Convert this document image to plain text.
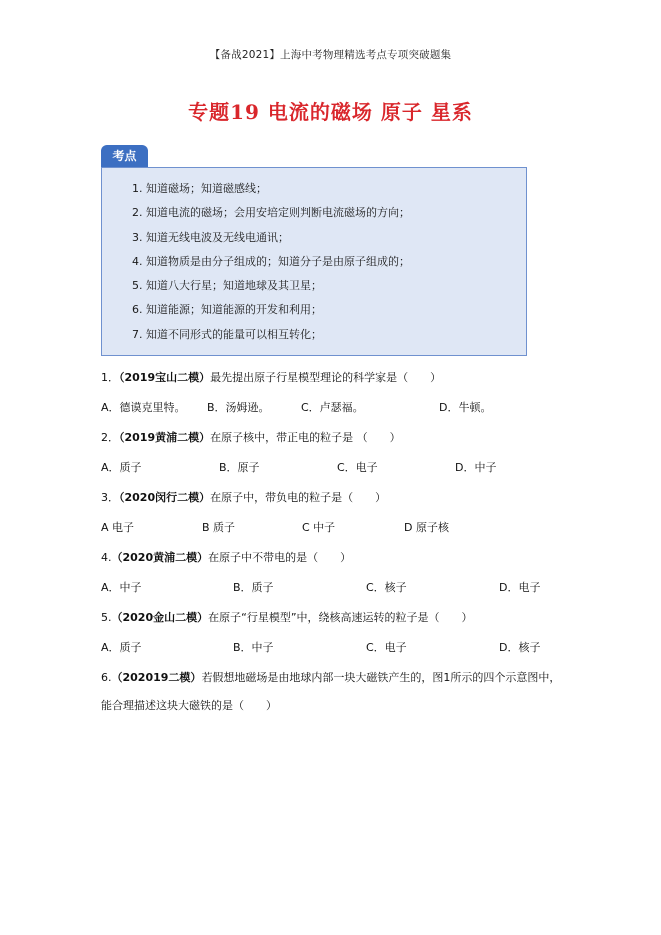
【备战2021】上海中考物理精选考点专项突破题集
专题19 电流的磁场 原子 星系
考点
1. 知道磁场；知道磁感线；
2. 知道电流的磁场；会用安培定则判断电流磁场的方向；
3. 知道无线电波及无线电通讯；
4. 知道物质是由分子组成的；知道分子是由原子组成的；
5. 知道八大行星；知道地球及其卫星；
6. 知道能源；知道能源的开发和利用；
7. 知道不同形式的能量可以相互转化；
1．（2019宝山二模）最先提出原子行星模型理论的科学家是（　　）
A．德谟克里特。 B．汤姆逊。	C．卢瑟福。	D．牛顿。
2．（2019黄浦二模）在原子核中，带正电的粒子是 （　　）
A．质子	B．原子	C．电子	D．中子
3．（2020闵行二模）在原子中，带负电的粒子是（　　）
A 电子	B 质子	C 中子	D 原子核
4.（2020黄浦二模）在原子中不带电的是（　　）
A．中子	B．质子	C．核子	D．电子
5.（2020金山二模）在原子“行星模型”中，绕核高速运转的粒子是（　　）
A．质子	B．中子	C．电子	D．核子
6.（202019二模）若假想地磁场是由地球内部一块大磁铁产生的，图1所示的四个示意图中，
能合理描述这块大磁铁的是（　　）
